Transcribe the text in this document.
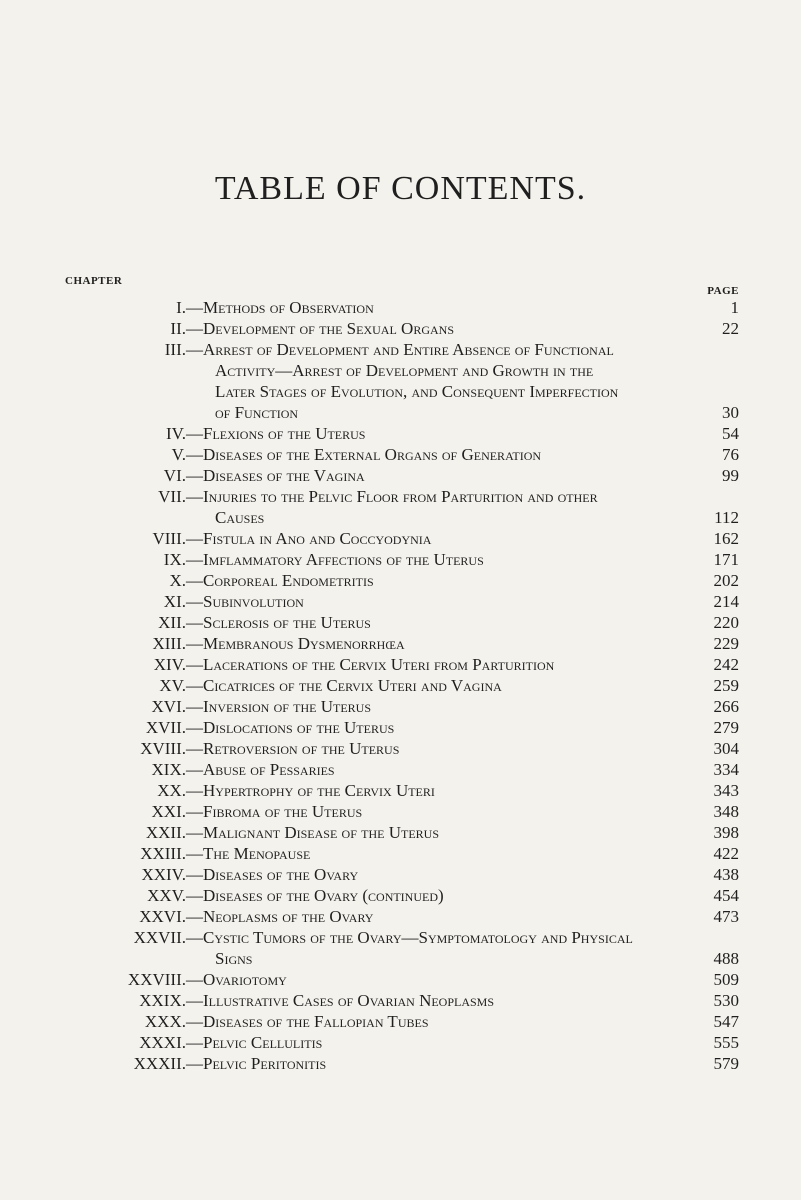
TABLE OF CONTENTS.
CHAPTER
PAGE
I. —Methods of Observation	1
II. —Development of the Sexual Organs	22
III. —Arrest of Development and Entire Absence of Functional
Activity—Arrest of Development and Growth in the
Later Stages of Evolution, and Consequent Imperfection
of Function	30
IV. —Flexions of the Uterus	54
V. —Diseases of the External Organs of Generation	76
VI. —Diseases of the Vagina	99
VII. —Injuries to the Pelvic Floor from Parturition and other
Causes	112
VIII. —Fistula in Ano and Coccyodynia	162
IX. —Imflammatory Affections of the Uterus	171
X. —Corporeal Endometritis	202
XI. —Subinvolution	214
XII. —Sclerosis of the Uterus	220
XIII. —Membranous Dysmenorrhœa	229
XIV. —Lacerations of the Cervix Uteri from Parturition	242
XV. —Cicatrices of the Cervix Uteri and Vagina	259
XVI. —Inversion of the Uterus	266
XVII. —Dislocations of the Uterus	279
XVIII. —Retroversion of the Uterus	304
XIX. —Abuse of Pessaries	334
XX. —Hypertrophy of the Cervix Uteri	343
XXI. —Fibroma of the Uterus	348
XXII. —Malignant Disease of the Uterus	398
XXIII. —The Menopause	422
XXIV. —Diseases of the Ovary	438
XXV. —Diseases of the Ovary (continued)	454
XXVI. —Neoplasms of the Ovary	473
XXVII. —Cystic Tumors of the Ovary—Symptomatology and Physical
Signs	488
XXVIII. —Ovariotomy	509
XXIX. —Illustrative Cases of Ovarian Neoplasms	530
XXX. —Diseases of the Fallopian Tubes	547
XXXI. —Pelvic Cellulitis	555
XXXII. —Pelvic Peritonitis	579
